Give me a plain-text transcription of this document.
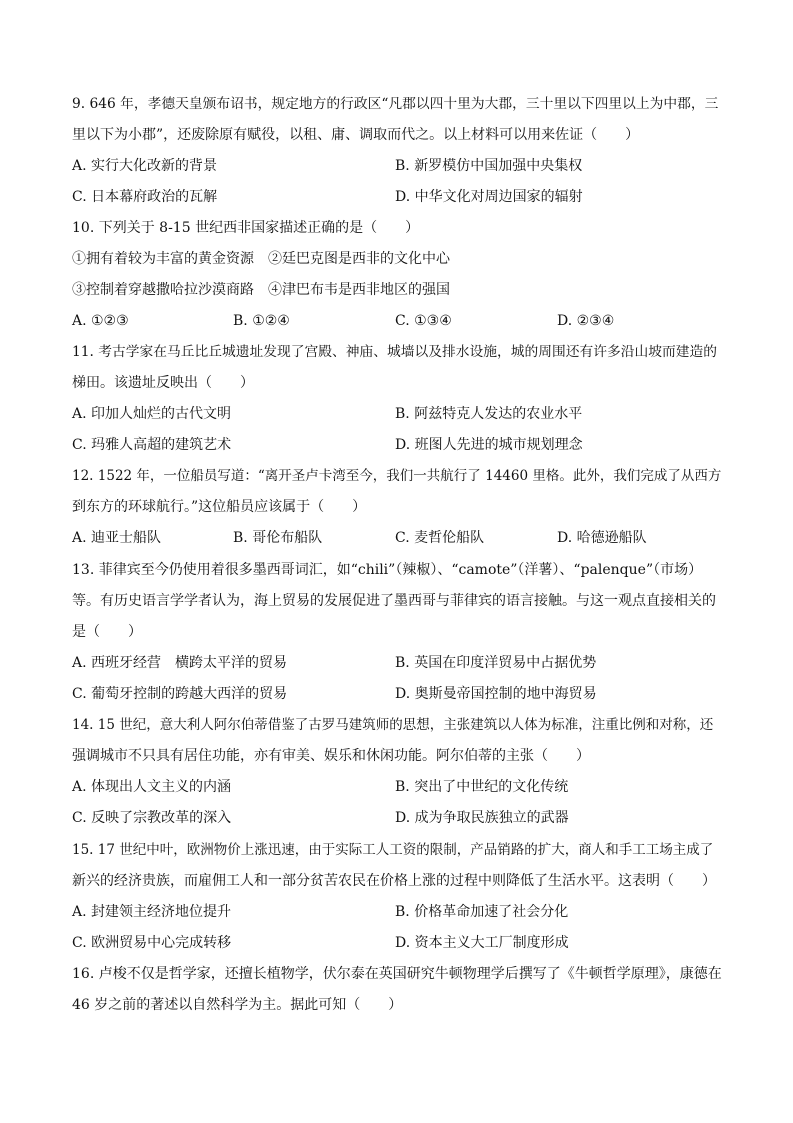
9. 646 年，孝德天皇颁布诏书，规定地方的行政区“凡郡以四十里为大郡，三十里以下四里以上为中郡，三
里以下为小郡”，还废除原有赋役，以租、庸、调取而代之。以上材料可以用来佐证（　　）
A. 实行大化改新的背景	B. 新罗模仿中国加强中央集权
C. 日本幕府政治的瓦解	D. 中华文化对周边国家的辐射
10. 下列关于 8-15 世纪西非国家描述正确的是（　　）
①拥有着较为丰富的黄金资源　②廷巴克图是西非的文化中心
③控制着穿越撒哈拉沙漠商路　④津巴布韦是西非地区的强国
A. ①②③	B. ①②④	C. ①③④	D. ②③④
11. 考古学家在马丘比丘城遗址发现了宫殿、神庙、城墙以及排水设施，城的周围还有许多沿山坡而建造的
梯田。该遗址反映出（　　）
A. 印加人灿烂的古代文明	B. 阿兹特克人发达的农业水平
C. 玛雅人高超的建筑艺术	D. 班图人先进的城市规划理念
12. 1522 年，一位船员写道：“离开圣卢卡湾至今，我们一共航行了 14460 里格。此外，我们完成了从西方
到东方的环球航行。”这位船员应该属于（　　）
A. 迪亚士船队	B. 哥伦布船队	C. 麦哲伦船队	D. 哈德逊船队
13. 菲律宾至今仍使用着很多墨西哥词汇，如“chili”（辣椒）、“camote”（洋薯）、“palenque”（市场）
等。有历史语言学学者认为，海上贸易的发展促进了墨西哥与菲律宾的语言接触。与这一观点直接相关的
是（　　）
A. 西班牙经营　横跨太平洋的贸易	B. 英国在印度洋贸易中占据优势
C. 葡萄牙控制的跨越大西洋的贸易	D. 奥斯曼帝国控制的地中海贸易
14. 15 世纪，意大利人阿尔伯蒂借鉴了古罗马建筑师的思想，主张建筑以人体为标准，注重比例和对称，还
强调城市不只具有居住功能，亦有审美、娱乐和休闲功能。阿尔伯蒂的主张（　　）
A. 体现出人文主义的内涵	B. 突出了中世纪的文化传统
C. 反映了宗教改革的深入	D. 成为争取民族独立的武器
15. 17 世纪中叶，欧洲物价上涨迅速，由于实际工人工资的限制，产品销路的扩大，商人和手工工场主成了
新兴的经济贵族，而雇佣工人和一部分贫苦农民在价格上涨的过程中则降低了生活水平。这表明（　　）
A. 封建领主经济地位提升	B. 价格革命加速了社会分化
C. 欧洲贸易中心完成转移	D. 资本主义大工厂制度形成
16. 卢梭不仅是哲学家，还擅长植物学，伏尔泰在英国研究牛顿物理学后撰写了《牛顿哲学原理》，康德在
46 岁之前的著述以自然科学为主。据此可知（　　）
